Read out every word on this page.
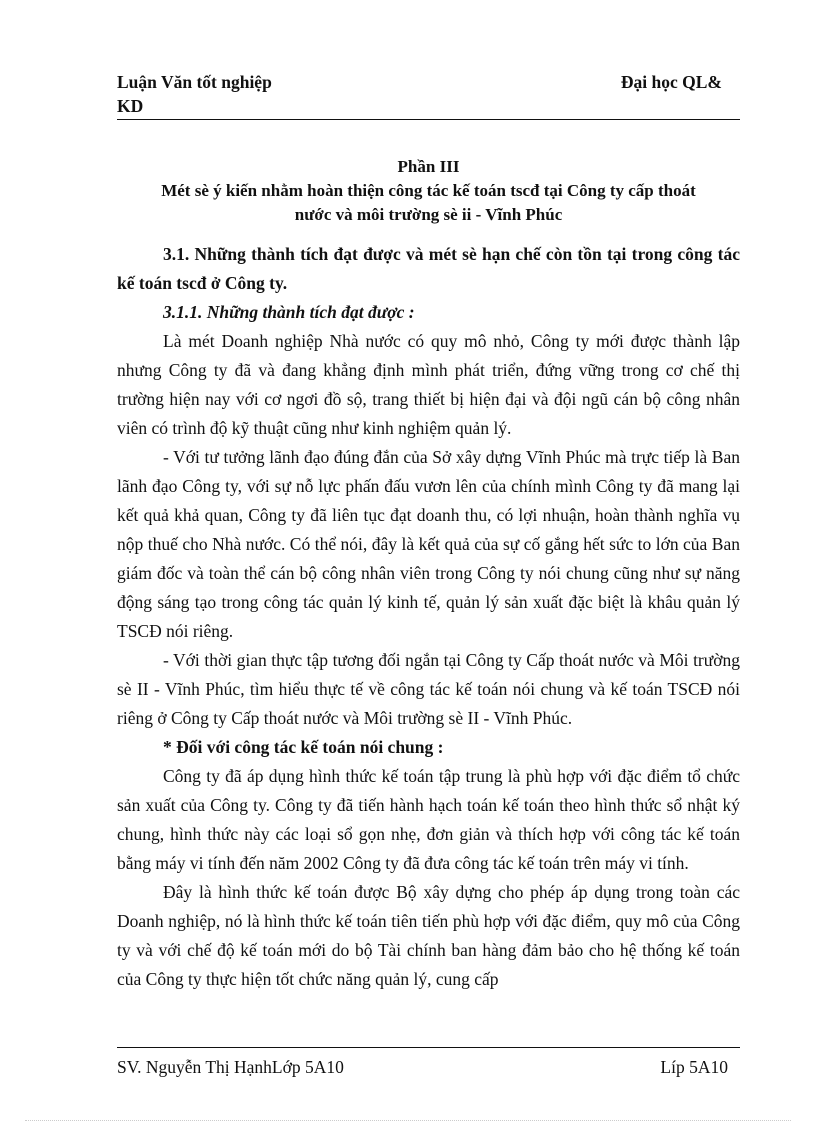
Luận Văn tốt nghiệp	Đại học QL&
KD
Phần III
Mét sè ý kiến nhằm hoàn thiện công tác kế toán tscđ tại Công ty cấp thoát
nước và môi trường sè ii - Vĩnh Phúc

3.1. Những thành tích đạt được và mét sè hạn chế còn tồn tại trong công tác kế toán tscđ ở Công ty.

3.1.1. Những thành tích đạt được :

Là mét Doanh nghiệp Nhà nước có quy mô nhỏ, Công ty mới được thành lập nhưng Công ty đã và đang khẳng định mình phát triển, đứng vững trong cơ chế thị trường hiện nay với cơ ngơi đồ sộ, trang thiết bị hiện đại và đội ngũ cán bộ công nhân viên có trình độ kỹ thuật cũng như kinh nghiệm quản lý.

- Với tư tưởng lãnh đạo đúng đắn của Sở xây dựng Vĩnh Phúc mà trực tiếp là Ban lãnh đạo Công ty, với sự nỗ lực phấn đấu vươn lên của chính mình Công ty đã mang lại kết quả khả quan, Công ty đã liên tục đạt doanh thu, có lợi nhuận, hoàn thành nghĩa vụ nộp thuế cho Nhà nước. Có thể nói, đây là kết quả của sự cố gắng hết sức to lớn của Ban giám đốc và toàn thể cán bộ công nhân viên trong Công ty nói chung cũng như sự năng động sáng tạo trong công tác quản lý kinh tế, quản lý sản xuất đặc biệt là khâu quản lý TSCĐ nói riêng.

- Với thời gian thực tập tương đối ngắn tại Công ty Cấp thoát nước và Môi trường sè II - Vĩnh Phúc, tìm hiểu thực tế về công tác kế toán nói chung và kế toán TSCĐ nói riêng ở Công ty Cấp thoát nước và Môi trường sè II - Vĩnh Phúc.

* Đối với công tác kế toán nói chung :

Công ty đã áp dụng hình thức kế toán tập trung là phù hợp với đặc điểm tổ chức sản xuất của Công ty. Công ty đã tiến hành hạch toán kế toán theo hình thức sổ nhật ký chung, hình thức này các loại sổ gọn nhẹ, đơn giản và thích hợp với công tác kế toán bằng máy vi tính đến năm 2002 Công ty đã đưa công tác kế toán trên máy vi tính.

Đây là hình thức kế toán được Bộ xây dựng cho phép áp dụng trong toàn các Doanh nghiệp, nó là hình thức kế toán tiên tiến phù hợp với đặc điểm, quy mô của Công ty và với chế độ kế toán mới do bộ Tài chính ban hàng đảm bảo cho hệ thống kế toán của Công ty thực hiện tốt chức năng quản lý, cung cấp

SV. Nguyễn Thị HạnhLớp 5A10	Líp 5A10
